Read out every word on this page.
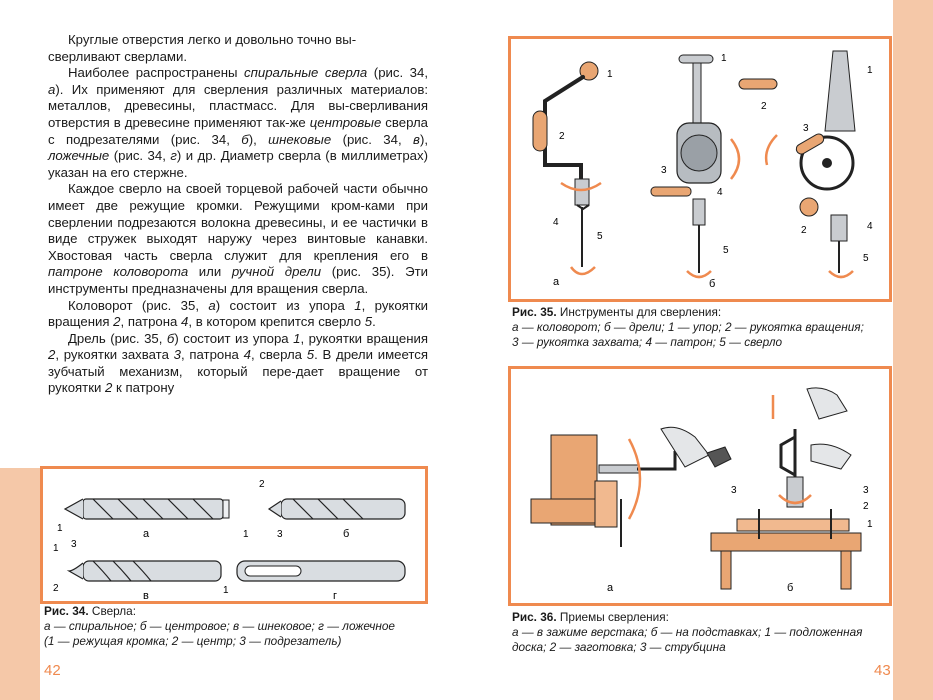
Круглые отверстия легко и довольно точно вы-
сверливают сверлами.

Наиболее распространены спиральные сверла (рис. 34, а). Их применяют для сверления различных материалов: металлов, древесины, пластмасс. Для вы-сверливания отверстия в древесине применяют так-же центровые сверла с подрезателями (рис. 34, б), шнековые (рис. 34, в), ложечные (рис. 34, г) и др. Диаметр сверла (в миллиметрах) указан на его стержне.

Каждое сверло на своей торцевой рабочей части обычно имеет две режущие кромки. Режущими кром-ками при сверлении подрезаются волокна древесины, и ее частички в виде стружек выходят наружу через винтовые канавки. Хвостовая часть сверла служит для крепления его в патроне коловорота или ручной дрели (рис. 35). Эти инструменты предназначены для вращения сверла.

Коловорот (рис. 35, а) состоит из упора 1, рукоятки вращения 2, патрона 4, в котором крепится сверло 5.

Дрель (рис. 35, б) состоит из упора 1, рукоятки вращения 2, рукоятки захвата 3, патрона 4, сверла 5. В дрели имеется зубчатый механизм, который пере-дает вращение от рукоятки 2 к патрону

а	б
в	г
1
2
3
1
1 3
2	1
Рис. 34. Сверла:
а — спиральное; б — центровое; в — шнековое; г — ложечное
(1 — режущая кромка; 2 — центр; 3 — подрезатель)
42
1
2
4
5
1
2
3
4
5
1
3
2	4
5
а	б
Рис. 35. Инструменты для сверления:
а — коловорот; б — дрели; 1 — упор; 2 — рукоятка вращения;
3 — рукоятка захвата; 4 — патрон; 5 — сверло
3	3
2
1
а	б
Рис. 36. Приемы сверления:
а — в зажиме верстака; б — на подставках; 1 — подложенная
доска; 2 — заготовка; 3 — струбцина
43
